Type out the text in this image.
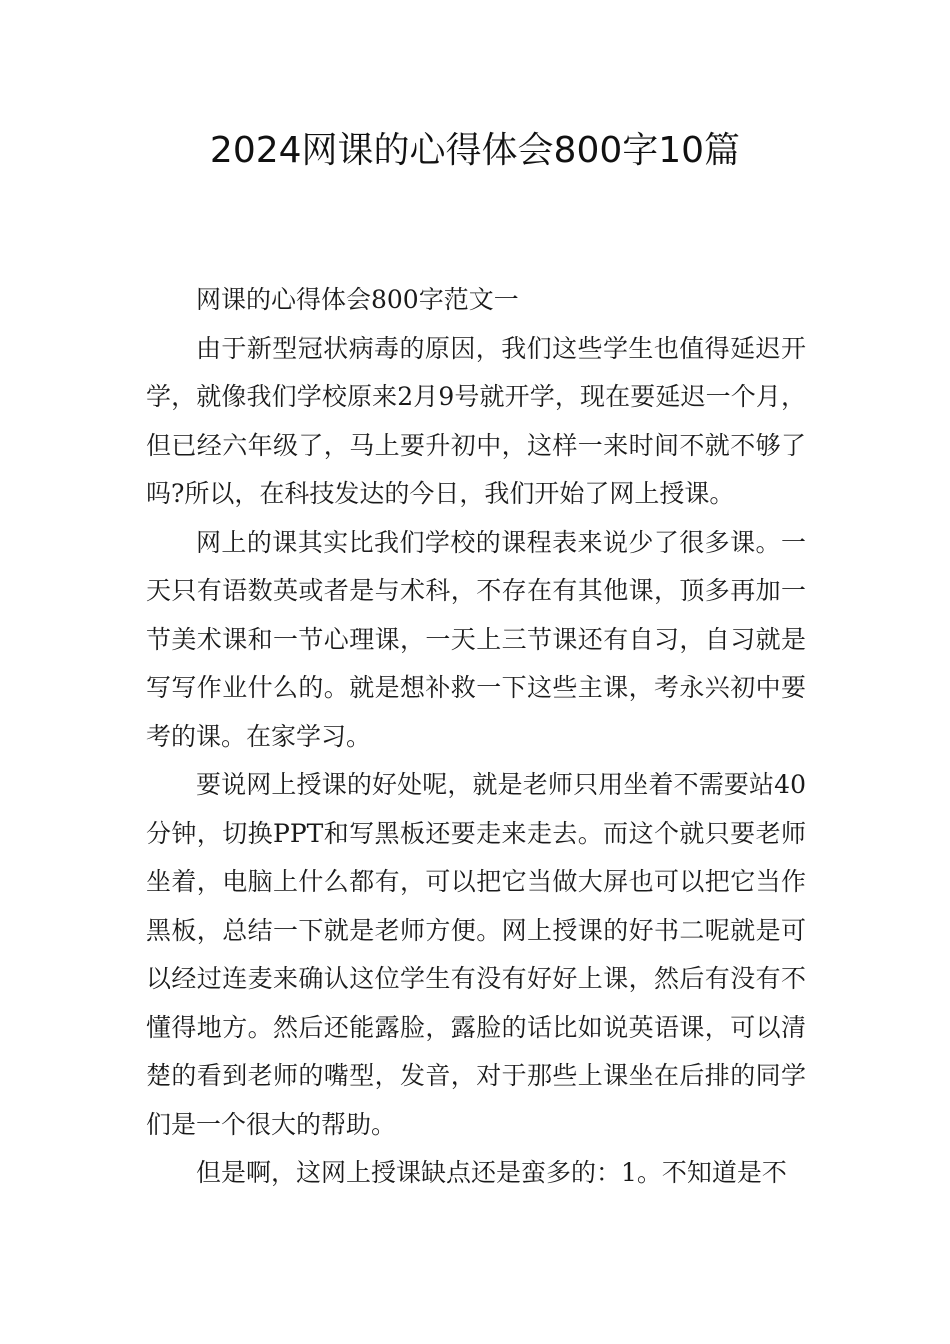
2024网课的心得体会800字10篇

网课的心得体会800字范文一

由于新型冠状病毒的原因，我们这些学生也值得延迟开学，就像我们学校原来2月9号就开学，现在要延迟一个月，但已经六年级了，马上要升初中，这样一来时间不就不够了吗?所以，在科技发达的今日，我们开始了网上授课。

网上的课其实比我们学校的课程表来说少了很多课。一天只有语数英或者是与术科，不存在有其他课，顶多再加一节美术课和一节心理课，一天上三节课还有自习，自习就是写写作业什么的。就是想补救一下这些主课，考永兴初中要考的课。在家学习。

要说网上授课的好处呢，就是老师只用坐着不需要站40分钟，切换PPT和写黑板还要走来走去。而这个就只要老师坐着，电脑上什么都有，可以把它当做大屏也可以把它当作黑板，总结一下就是老师方便。网上授课的好书二呢就是可以经过连麦来确认这位学生有没有好好上课，然后有没有不懂得地方。然后还能露脸，露脸的话比如说英语课，可以清楚的看到老师的嘴型，发音，对于那些上课坐在后排的同学们是一个很大的帮助。

但是啊，这网上授课缺点还是蛮多的：1。不知道是不
